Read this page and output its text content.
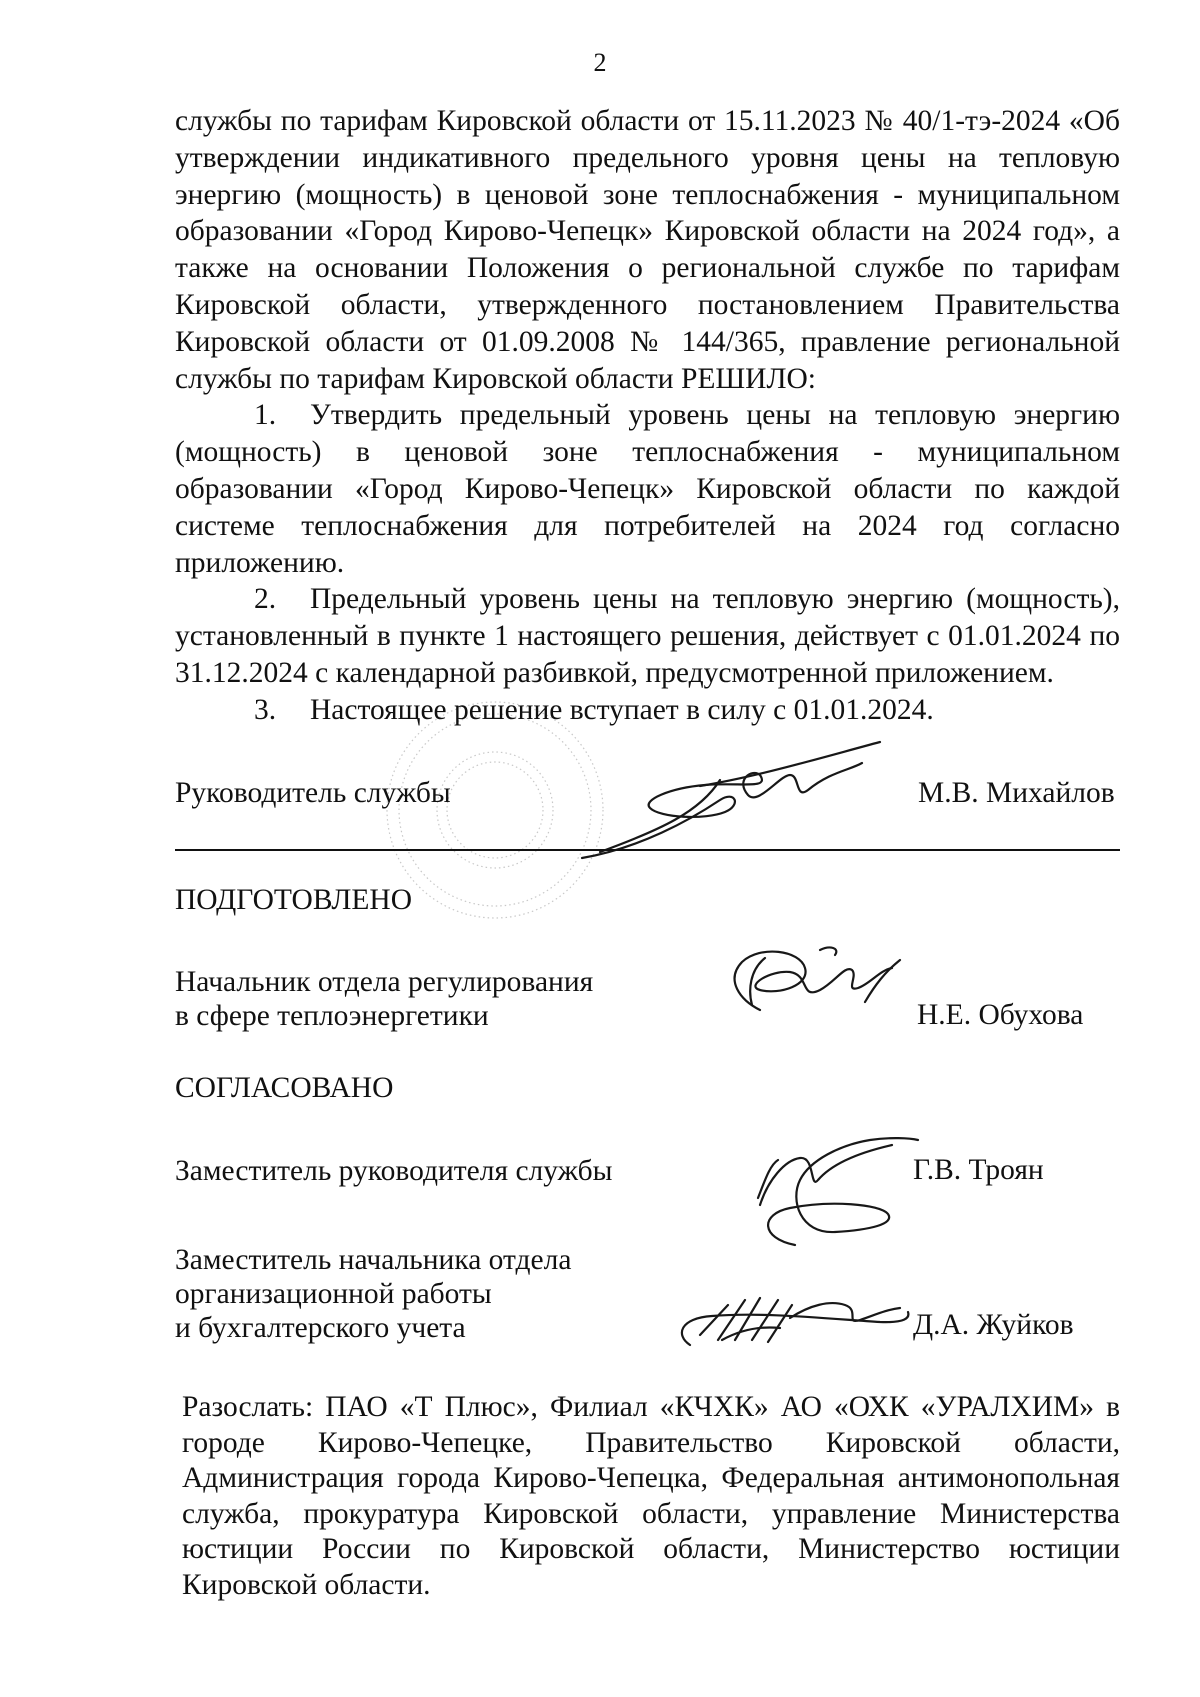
2

службы по тарифам Кировской области от 15.11.2023 № 40/1-тэ-2024 «Об утверждении индикативного предельного уровня цены на тепловую энергию (мощность) в ценовой зоне теплоснабжения - муниципальном образовании «Город Кирово-Чепецк» Кировской области на 2024 год», а также на основании Положения о региональной службе по тарифам Кировской области, утвержденного постановлением Правительства Кировской области от 01.09.2008 № 144/365, правление региональной службы по тарифам Кировской области РЕШИЛО:

1. Утвердить предельный уровень цены на тепловую энергию (мощность) в ценовой зоне теплоснабжения - муниципальном образовании «Город Кирово-Чепецк» Кировской области по каждой системе теплоснабжения для потребителей на 2024 год согласно приложению.

2. Предельный уровень цены на тепловую энергию (мощность), установленный в пункте 1 настоящего решения, действует с 01.01.2024 по 31.12.2024 с календарной разбивкой, предусмотренной приложением.

3. Настоящее решение вступает в силу с 01.01.2024.

Руководитель службы	М.В. Михайлов
ПОДГОТОВЛЕНО
Начальник отдела регулирования
в сфере теплоэнергетики	Н.Е. Обухова
СОГЛАСОВАНО
Заместитель руководителя службы	Г.В. Троян
Заместитель начальника отдела
организационной работы
и бухгалтерского учета	Д.А. Жуйков
Разослать: ПАО «Т Плюс», Филиал «КЧХК» АО «ОХК «УРАЛХИМ» в городе Кирово-Чепецке, Правительство Кировской области, Администрация города Кирово-Чепецка, Федеральная антимонопольная служба, прокуратура Кировской области, управление Министерства юстиции России по Кировской области, Министерство юстиции Кировской области.
